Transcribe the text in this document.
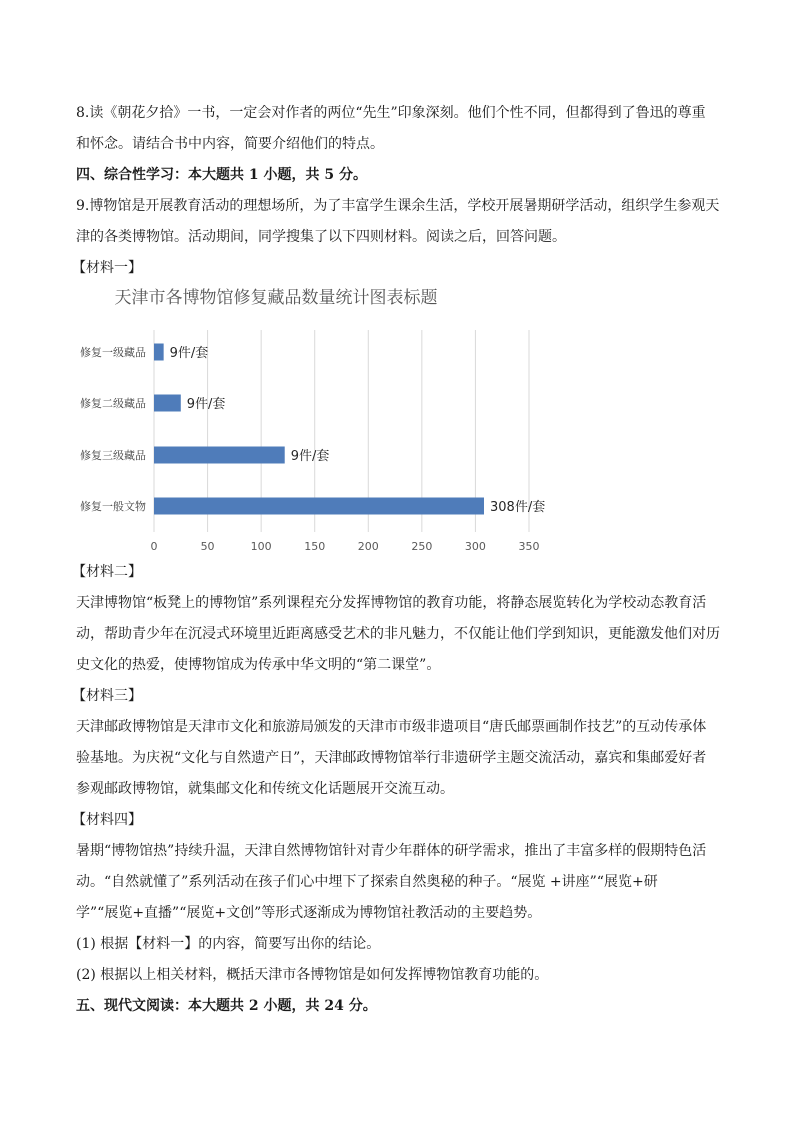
8.读《朝花夕拾》一书，一定会对作者的两位“先生”印象深刻。他们个性不同，但都得到了鲁迅的尊重
和怀念。请结合书中内容，简要介绍他们的特点。
四、综合性学习：本大题共 1 小题，共 5 分。
9.博物馆是开展教育活动的理想场所，为了丰富学生课余生活，学校开展暑期研学活动，组织学生参观天
津的各类博物馆。活动期间，同学搜集了以下四则材料。阅读之后，回答问题。
【材料一】
天津市各博物馆修复藏品数量统计图表标题
0	50	100	150	200	250	300	350
修复一级藏品 9件/套
修复二级藏品	9件/套
修复三级藏品	9件/套
修复一般文物	308件/套
【材料二】
天津博物馆“板凳上的博物馆”系列课程充分发挥博物馆的教育功能，将静态展览转化为学校动态教育活
动，帮助青少年在沉浸式环境里近距离感受艺术的非凡魅力，不仅能让他们学到知识，更能激发他们对历
史文化的热爱，使博物馆成为传承中华文明的“第二课堂”。
【材料三】
天津邮政博物馆是天津市文化和旅游局颁发的天津市市级非遗项目“唐氏邮票画制作技艺”的互动传承体
验基地。为庆祝“文化与自然遗产日”，天津邮政博物馆举行非遗研学主题交流活动，嘉宾和集邮爱好者
参观邮政博物馆，就集邮文化和传统文化话题展开交流互动。
【材料四】
暑期“博物馆热”持续升温，天津自然博物馆针对青少年群体的研学需求，推出了丰富多样的假期特色活
动。“自然就懂了”系列活动在孩子们心中埋下了探索自然奥秘的种子。“展览 +讲座”“展览+研
学”“展览+直播”“展览+文创”等形式逐渐成为博物馆社教活动的主要趋势。
(1) 根据【材料一】的内容，简要写出你的结论。
(2) 根据以上相关材料，概括天津市各博物馆是如何发挥博物馆教育功能的。
五、现代文阅读：本大题共 2 小题，共 24 分。
